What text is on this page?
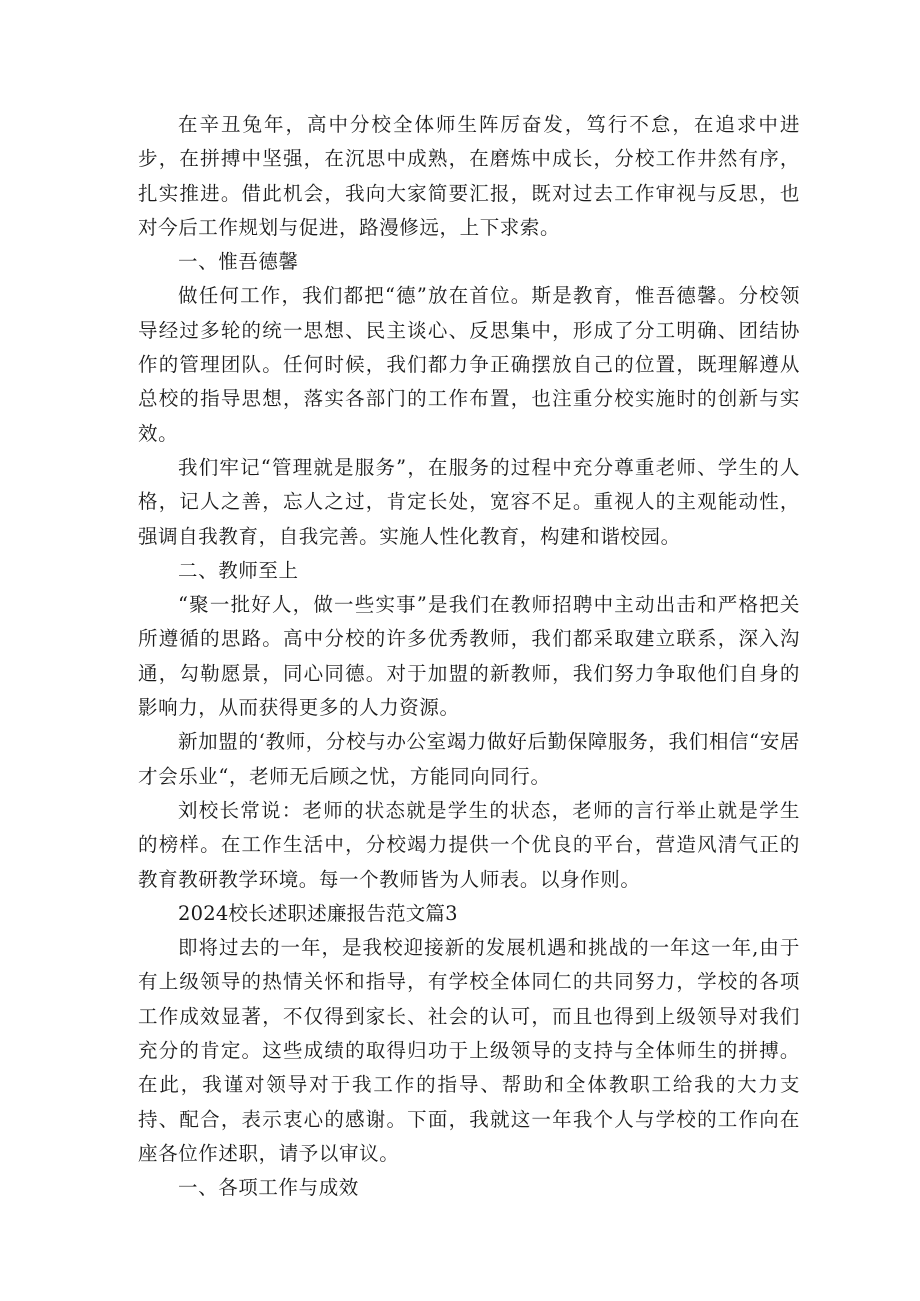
在辛丑兔年，高中分校全体师生阵厉奋发，笃行不怠，在追求中进步，在拼搏中坚强，在沉思中成熟，在磨炼中成长，分校工作井然有序，扎实推进。借此机会，我向大家简要汇报，既对过去工作审视与反思，也对今后工作规划与促进，路漫修远，上下求索。

一、惟吾德馨

做任何工作，我们都把“德”放在首位。斯是教育，惟吾德馨。分校领导经过多轮的统一思想、民主谈心、反思集中，形成了分工明确、团结协作的管理团队。任何时候，我们都力争正确摆放自己的位置，既理解遵从总校的指导思想，落实各部门的工作布置，也注重分校实施时的创新与实效。

我们牢记“管理就是服务”，在服务的过程中充分尊重老师、学生的人格，记人之善，忘人之过，肯定长处，宽容不足。重视人的主观能动性，强调自我教育，自我完善。实施人性化教育，构建和谐校园。

二、教师至上

“聚一批好人，做一些实事”是我们在教师招聘中主动出击和严格把关所遵循的思路。高中分校的许多优秀教师，我们都采取建立联系，深入沟通，勾勒愿景，同心同德。对于加盟的新教师，我们努力争取他们自身的影响力，从而获得更多的人力资源。

新加盟的‘教师，分校与办公室竭力做好后勤保障服务，我们相信“安居才会乐业“，老师无后顾之忧，方能同向同行。

刘校长常说：老师的状态就是学生的状态，老师的言行举止就是学生的榜样。在工作生活中，分校竭力提供一个优良的平台，营造风清气正的教育教研教学环境。每一个教师皆为人师表。以身作则。

2024校长述职述廉报告范文篇3

即将过去的一年，是我校迎接新的发展机遇和挑战的一年这一年,由于有上级领导的热情关怀和指导，有学校全体同仁的共同努力，学校的各项工作成效显著，不仅得到家长、社会的认可，而且也得到上级领导对我们充分的肯定。这些成绩的取得归功于上级领导的支持与全体师生的拼搏。在此，我谨对领导对于我工作的指导、帮助和全体教职工给我的大力支持、配合，表示衷心的感谢。下面，我就这一年我个人与学校的工作向在座各位作述职，请予以审议。

一、各项工作与成效
